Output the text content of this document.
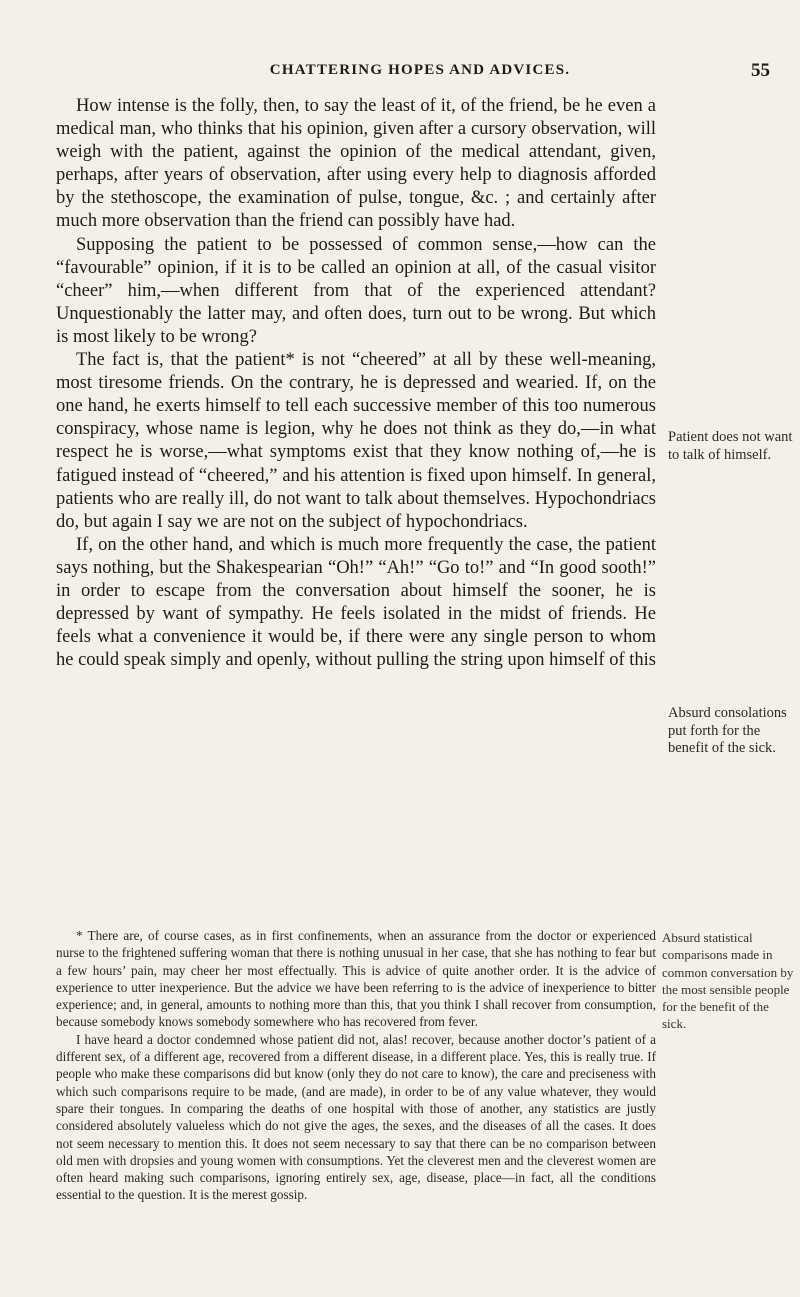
CHATTERING HOPES AND ADVICES.	55

How intense is the folly, then, to say the least of it, of the friend, be he even a medical man, who thinks that his opinion, given after a cursory observation, will weigh with the patient, against the opinion of the medical attendant, given, perhaps, after years of observation, after using every help to diagnosis afforded by the stethoscope, the examination of pulse, tongue, &c. ; and certainly after much more observation than the friend can possibly have had.

Supposing the patient to be possessed of common sense,—how can the “favourable” opinion, if it is to be called an opinion at all, of the casual visitor “cheer” him,—when different from that of the experienced attendant? Unquestionably the latter may, and often does, turn out to be wrong. But which is most likely to be wrong?

The fact is, that the patient* is not “cheered” at all by these well-meaning, most tiresome friends. On the contrary, he is depressed and wearied. If, on the one hand, he exerts himself to tell each successive member of this too numerous conspiracy, whose name is legion, why he does not think as they do,—in what respect he is worse,—what symptoms exist that they know nothing of,—he is fatigued instead of “cheered,” and his attention is fixed upon himself. In general, patients who are really ill, do not want to talk about themselves. Hypochondriacs do, but again I say we are not on the subject of hypochondriacs.

If, on the other hand, and which is much more frequently the case, the patient says nothing, but the Shakespearian “Oh!” “Ah!” “Go to!” and “In good sooth!” in order to escape from the conversation about himself the sooner, he is depressed by want of sympathy. He feels isolated in the midst of friends. He feels what a convenience it would be, if there were any single person to whom he could speak simply and openly, without pulling the string upon himself of this

Patient does not want to talk of himself.
Absurd consolations put forth for the benefit of the sick.

* There are, of course cases, as in first confinements, when an assurance from the doctor or experienced nurse to the frightened suffering woman that there is nothing unusual in her case, that she has nothing to fear but a few hours’ pain, may cheer her most effectually. This is advice of quite another order. It is the advice of experience to utter inexperience. But the advice we have been referring to is the advice of inexperience to bitter experience; and, in general, amounts to nothing more than this, that you think I shall recover from consumption, because somebody knows somebody somewhere who has recovered from fever.

I have heard a doctor condemned whose patient did not, alas! recover, because another doctor’s patient of a different sex, of a different age, recovered from a different disease, in a different place. Yes, this is really true. If people who make these comparisons did but know (only they do not care to know), the care and preciseness with which such comparisons require to be made, (and are made), in order to be of any value whatever, they would spare their tongues. In comparing the deaths of one hospital with those of another, any statistics are justly considered absolutely valueless which do not give the ages, the sexes, and the diseases of all the cases. It does not seem necessary to mention this. It does not seem necessary to say that there can be no comparison between old men with dropsies and young women with consumptions. Yet the cleverest men and the cleverest women are often heard making such comparisons, ignoring entirely sex, age, disease, place—in fact, all the conditions essential to the question. It is the merest gossip.

Absurd statistical comparisons made in common conversation by the most sensible people for the benefit of the sick.
